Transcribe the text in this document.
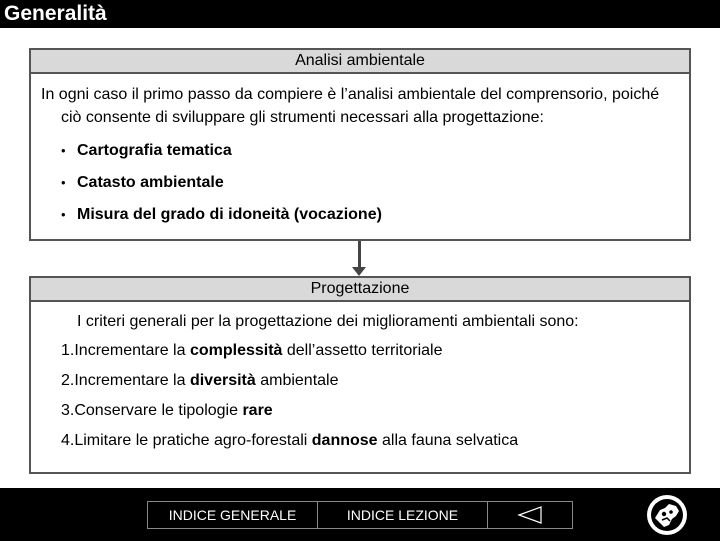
Generalità
Analisi ambientale
In ogni caso il primo passo da compiere è l’analisi ambientale del comprensorio, poiché ciò consente di sviluppare gli strumenti necessari alla progettazione:
• Cartografia tematica
• Catasto ambientale
• Misura del grado di idoneità (vocazione)
Progettazione
I criteri generali per la progettazione dei miglioramenti ambientali sono:
1.Incrementare la complessità dell’assetto territoriale
2.Incrementare la diversità ambientale
3.Conservare le tipologie rare
4.Limitare le pratiche agro-forestali dannose alla fauna selvatica
INDICE GENERALE	INDICE LEZIONE
